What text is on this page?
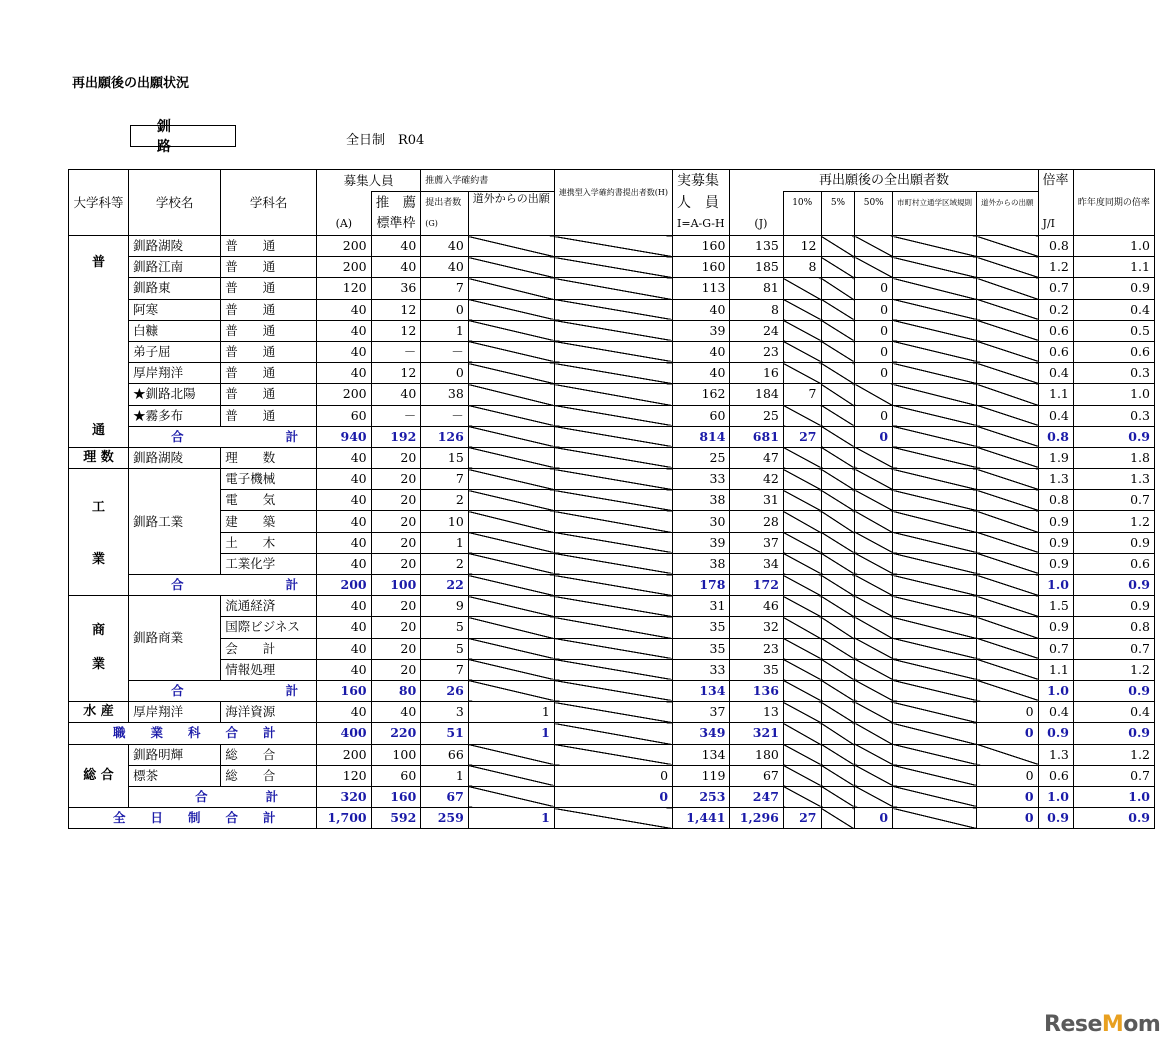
再出願後の出願状況
釧 路	全日制　R04
大学科等	学校名	学科名	募集人員		推薦入学確約書		連携型入学確約書提出者数(H)	実募集	再出願後の全出願者数						倍率	昨年度同期の倍率
				推　薦	提出者数	道外からの出願		人　員		10%	5%	50%	市町村立通学区域規則	道外からの出願		
			(A)	標準枠	(G)			I=A-G-H	(J)						J/I	

普
通	釧路湖陵	普　　通	200	40	40			160	135	12					0.8	1.0
	釧路江南	普　　通	200	40	40			160	185	8					1.2	1.1
	釧路東	普　　通	120	36	7			113	81			0			0.7	0.9
	阿寒	普　　通	40	12	0			40	8			0			0.2	0.4
	白糠	普　　通	40	12	1			39	24			0			0.6	0.5
	弟子屈	普　　通	40	－	－			40	23			0			0.6	0.6
	厚岸翔洋	普　　通	40	12	0			40	16			0			0.4	0.3
	★釧路北陽	普　　通	200	40	38			162	184	7					1.1	1.0
	★霧多布	普　　通	60	－	－			60	25			0			0.4	0.3
	合 計		940	192	126			814	681	27		0			0.8	0.9
理 数	釧路湖陵	理　　数	40	20	15			25	47						1.9	1.8

工
業	釧路工業	電子機械	40	20	7			33	42						1.3	1.3
		電　　気	40	20	2			38	31						0.8	0.7
		建　　築	40	20	10			30	28						0.9	1.2
		土　　木	40	20	1			39	37						0.9	0.9
		工業化学	40	20	2			38	34						0.9	0.6
	合 計		200	100	22			178	172						1.0	0.9

商
業	釧路商業	流通経済	40	20	9			31	46						1.5	0.9
		国際ビジネス	40	20	5			35	32						0.9	0.8
		会　　計	40	20	5			35	23						0.7	0.7
		情報処理	40	20	7			33	35						1.1	1.2
	合 計		160	80	26			134	136						1.0	0.9
水 産	厚岸翔洋	海洋資源	40	40	3	1		37	13					0	0.4	0.4
職　　業　　科　　合　　計			400	220	51	1		349	321					0	0.9	0.9
総 合	釧路明輝	総　　合	200	100	66			134	180						1.3	1.2
	標茶	総　　合	120	60	1		0	119	67					0	0.6	0.7
	合 計		320	160	67		0	253	247					0	1.0	1.0
全　　日　　制　　合　　計			1,700	592	259	1		1,441	1,296	27		0		0	0.9	0.9
ReseMom
